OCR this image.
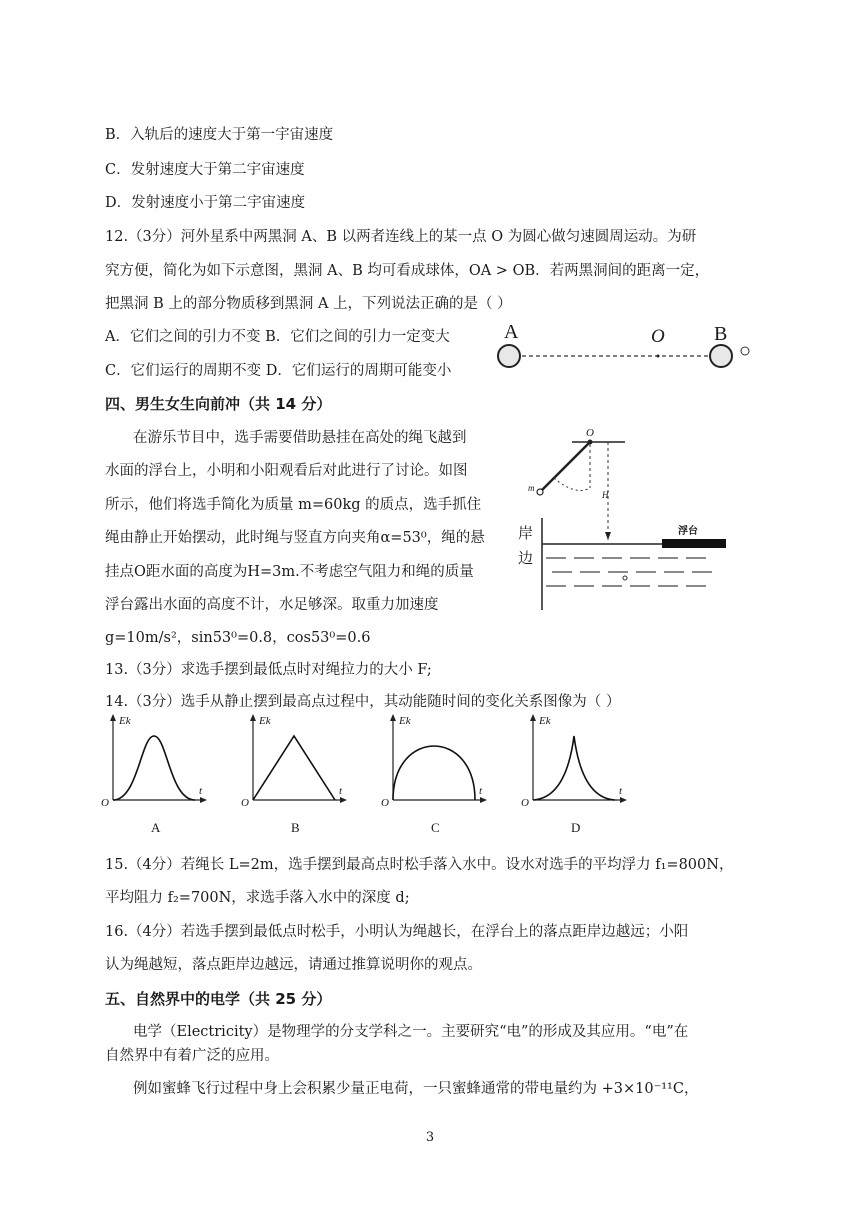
B．入轨后的速度大于第一宇宙速度
C．发射速度大于第二宇宙速度
D．发射速度小于第二宇宙速度
12.（3分）河外星系中两黑洞 A、B 以两者连线上的某一点 O 为圆心做匀速圆周运动。为研
究方便，简化为如下示意图，黑洞 A、B 均可看成球体，OA > OB．若两黑洞间的距离一定，
把黑洞 B 上的部分物质移到黑洞 A 上，下列说法正确的是（ ）
A．它们之间的引力不变 B．它们之间的引力一定变大
C．它们运行的周期不变 D．它们运行的周期可能变小
A	O B
四、男生女生向前冲（共 14 分）
在游乐节目中，选手需要借助悬挂在高处的绳飞越到
水面的浮台上，小明和小阳观看后对此进行了讨论。如图
所示，他们将选手简化为质量 m=60kg 的质点，选手抓住
绳由静止开始摆动，此时绳与竖直方向夹角α=53⁰，绳的悬
挂点O距水面的高度为H=3m.不考虑空气阻力和绳的质量
浮台露出水面的高度不计，水足够深。取重力加速度
g=10m/s²，sin53⁰=0.8，cos53⁰=0.6
O
m
H
岸
边
浮台
13.（3分）求选手摆到最低点时对绳拉力的大小 F;
14.（3分）选手从静止摆到最高点过程中，其动能随时间的变化关系图像为（ ）
Ek
t
O
A
Ek
t
O
B
Ek
t
O
C
Ek
t
O
D
15.（4分）若绳长 L=2m，选手摆到最高点时松手落入水中。设水对选手的平均浮力 f₁=800N，
平均阻力 f₂=700N，求选手落入水中的深度 d;
16.（4分）若选手摆到最低点时松手，小明认为绳越长，在浮台上的落点距岸边越远；小阳
认为绳越短，落点距岸边越远，请通过推算说明你的观点。
五、自然界中的电学（共 25 分）
电学（Electricity）是物理学的分支学科之一。主要研究“电”的形成及其应用。“电”在
自然界中有着广泛的应用。
例如蜜蜂飞行过程中身上会积累少量正电荷，一只蜜蜂通常的带电量约为 +3×10⁻¹¹C，
3
